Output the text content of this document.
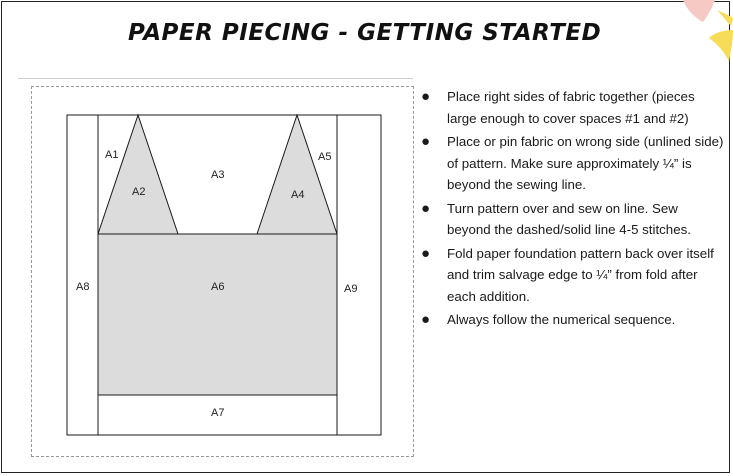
PAPER PIECING - GETTING STARTED
A1
A2
A3
A4
A5
A6
A7
A8	A9
● Place right sides of fabric together (pieces large enough to cover spaces #1 and #2)
● Place or pin fabric on wrong side (unlined side) of pattern. Make sure approximately ¼” is beyond the sewing line.
● Turn pattern over and sew on line. Sew beyond the dashed/solid line 4-5 stitches.
● Fold paper foundation pattern back over itself and trim salvage edge to ¼” from fold after each addition.
● Always follow the numerical sequence.
